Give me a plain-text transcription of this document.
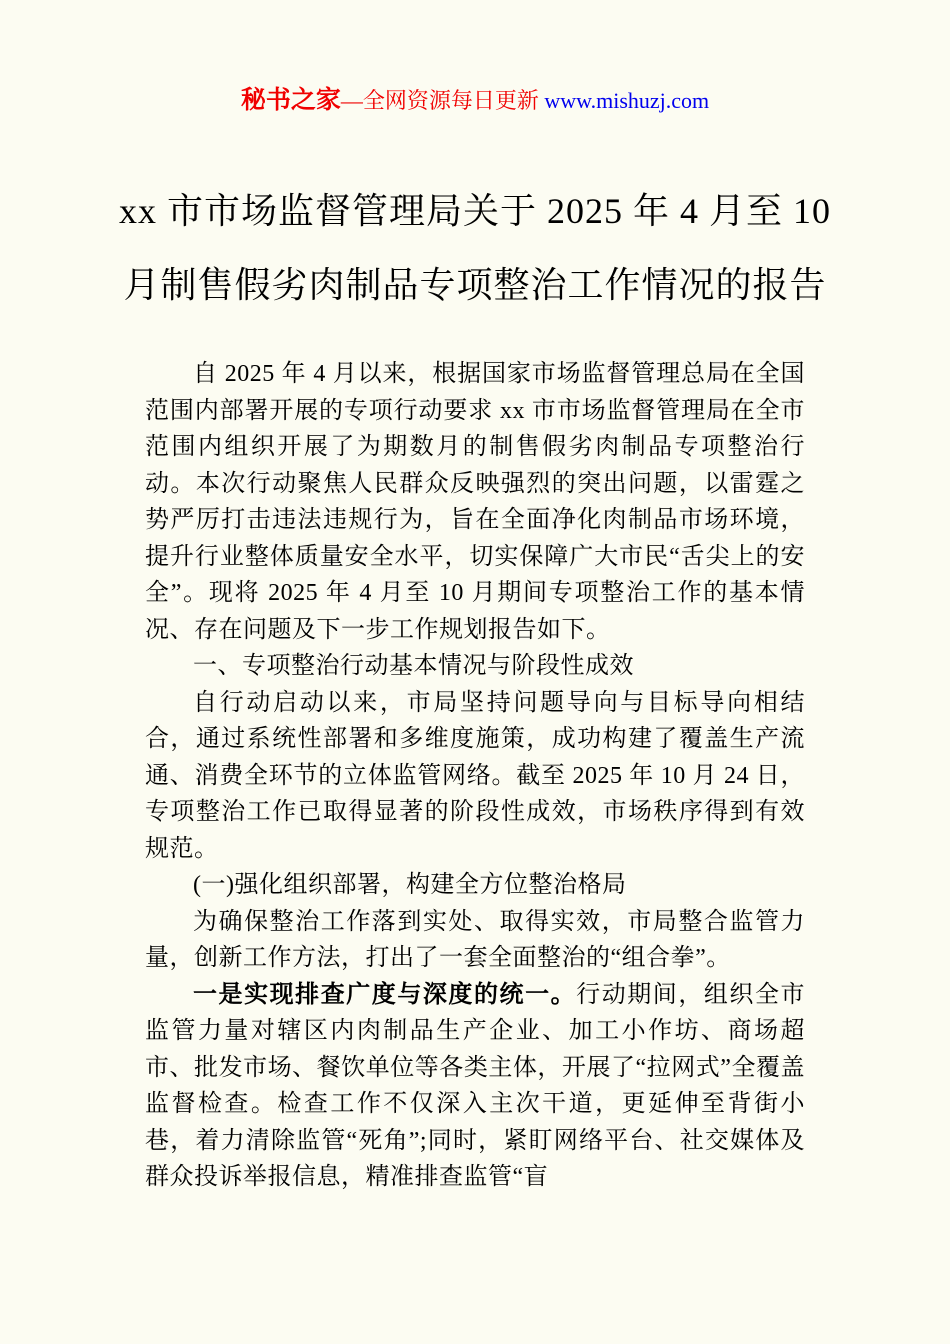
秘书之家—全网资源每日更新 www.mishuzj.com
xx 市市场监督管理局关于 2025 年 4 月至 10 月制售假劣肉制品专项整治工作情况的报告

自 2025 年 4 月以来，根据国家市场监督管理总局在全国范围内部署开展的专项行动要求 xx 市市场监督管理局在全市范围内组织开展了为期数月的制售假劣肉制品专项整治行动。本次行动聚焦人民群众反映强烈的突出问题，以雷霆之势严厉打击违法违规行为，旨在全面净化肉制品市场环境，提升行业整体质量安全水平，切实保障广大市民“舌尖上的安全”。现将 2025 年 4 月至 10 月期间专项整治工作的基本情况、存在问题及下一步工作规划报告如下。

一、专项整治行动基本情况与阶段性成效

自行动启动以来，市局坚持问题导向与目标导向相结合，通过系统性部署和多维度施策，成功构建了覆盖生产流通、消费全环节的立体监管网络。截至 2025 年 10 月 24 日，专项整治工作已取得显著的阶段性成效，市场秩序得到有效规范。

(一)强化组织部署，构建全方位整治格局

为确保整治工作落到实处、取得实效，市局整合监管力量，创新工作方法，打出了一套全面整治的“组合拳”。

一是实现排查广度与深度的统一。行动期间，组织全市监管力量对辖区内肉制品生产企业、加工小作坊、商场超市、批发市场、餐饮单位等各类主体，开展了“拉网式”全覆盖监督检查。检查工作不仅深入主次干道，更延伸至背街小巷，着力清除监管“死角”;同时，紧盯网络平台、社交媒体及群众投诉举报信息，精准排查监管“盲
